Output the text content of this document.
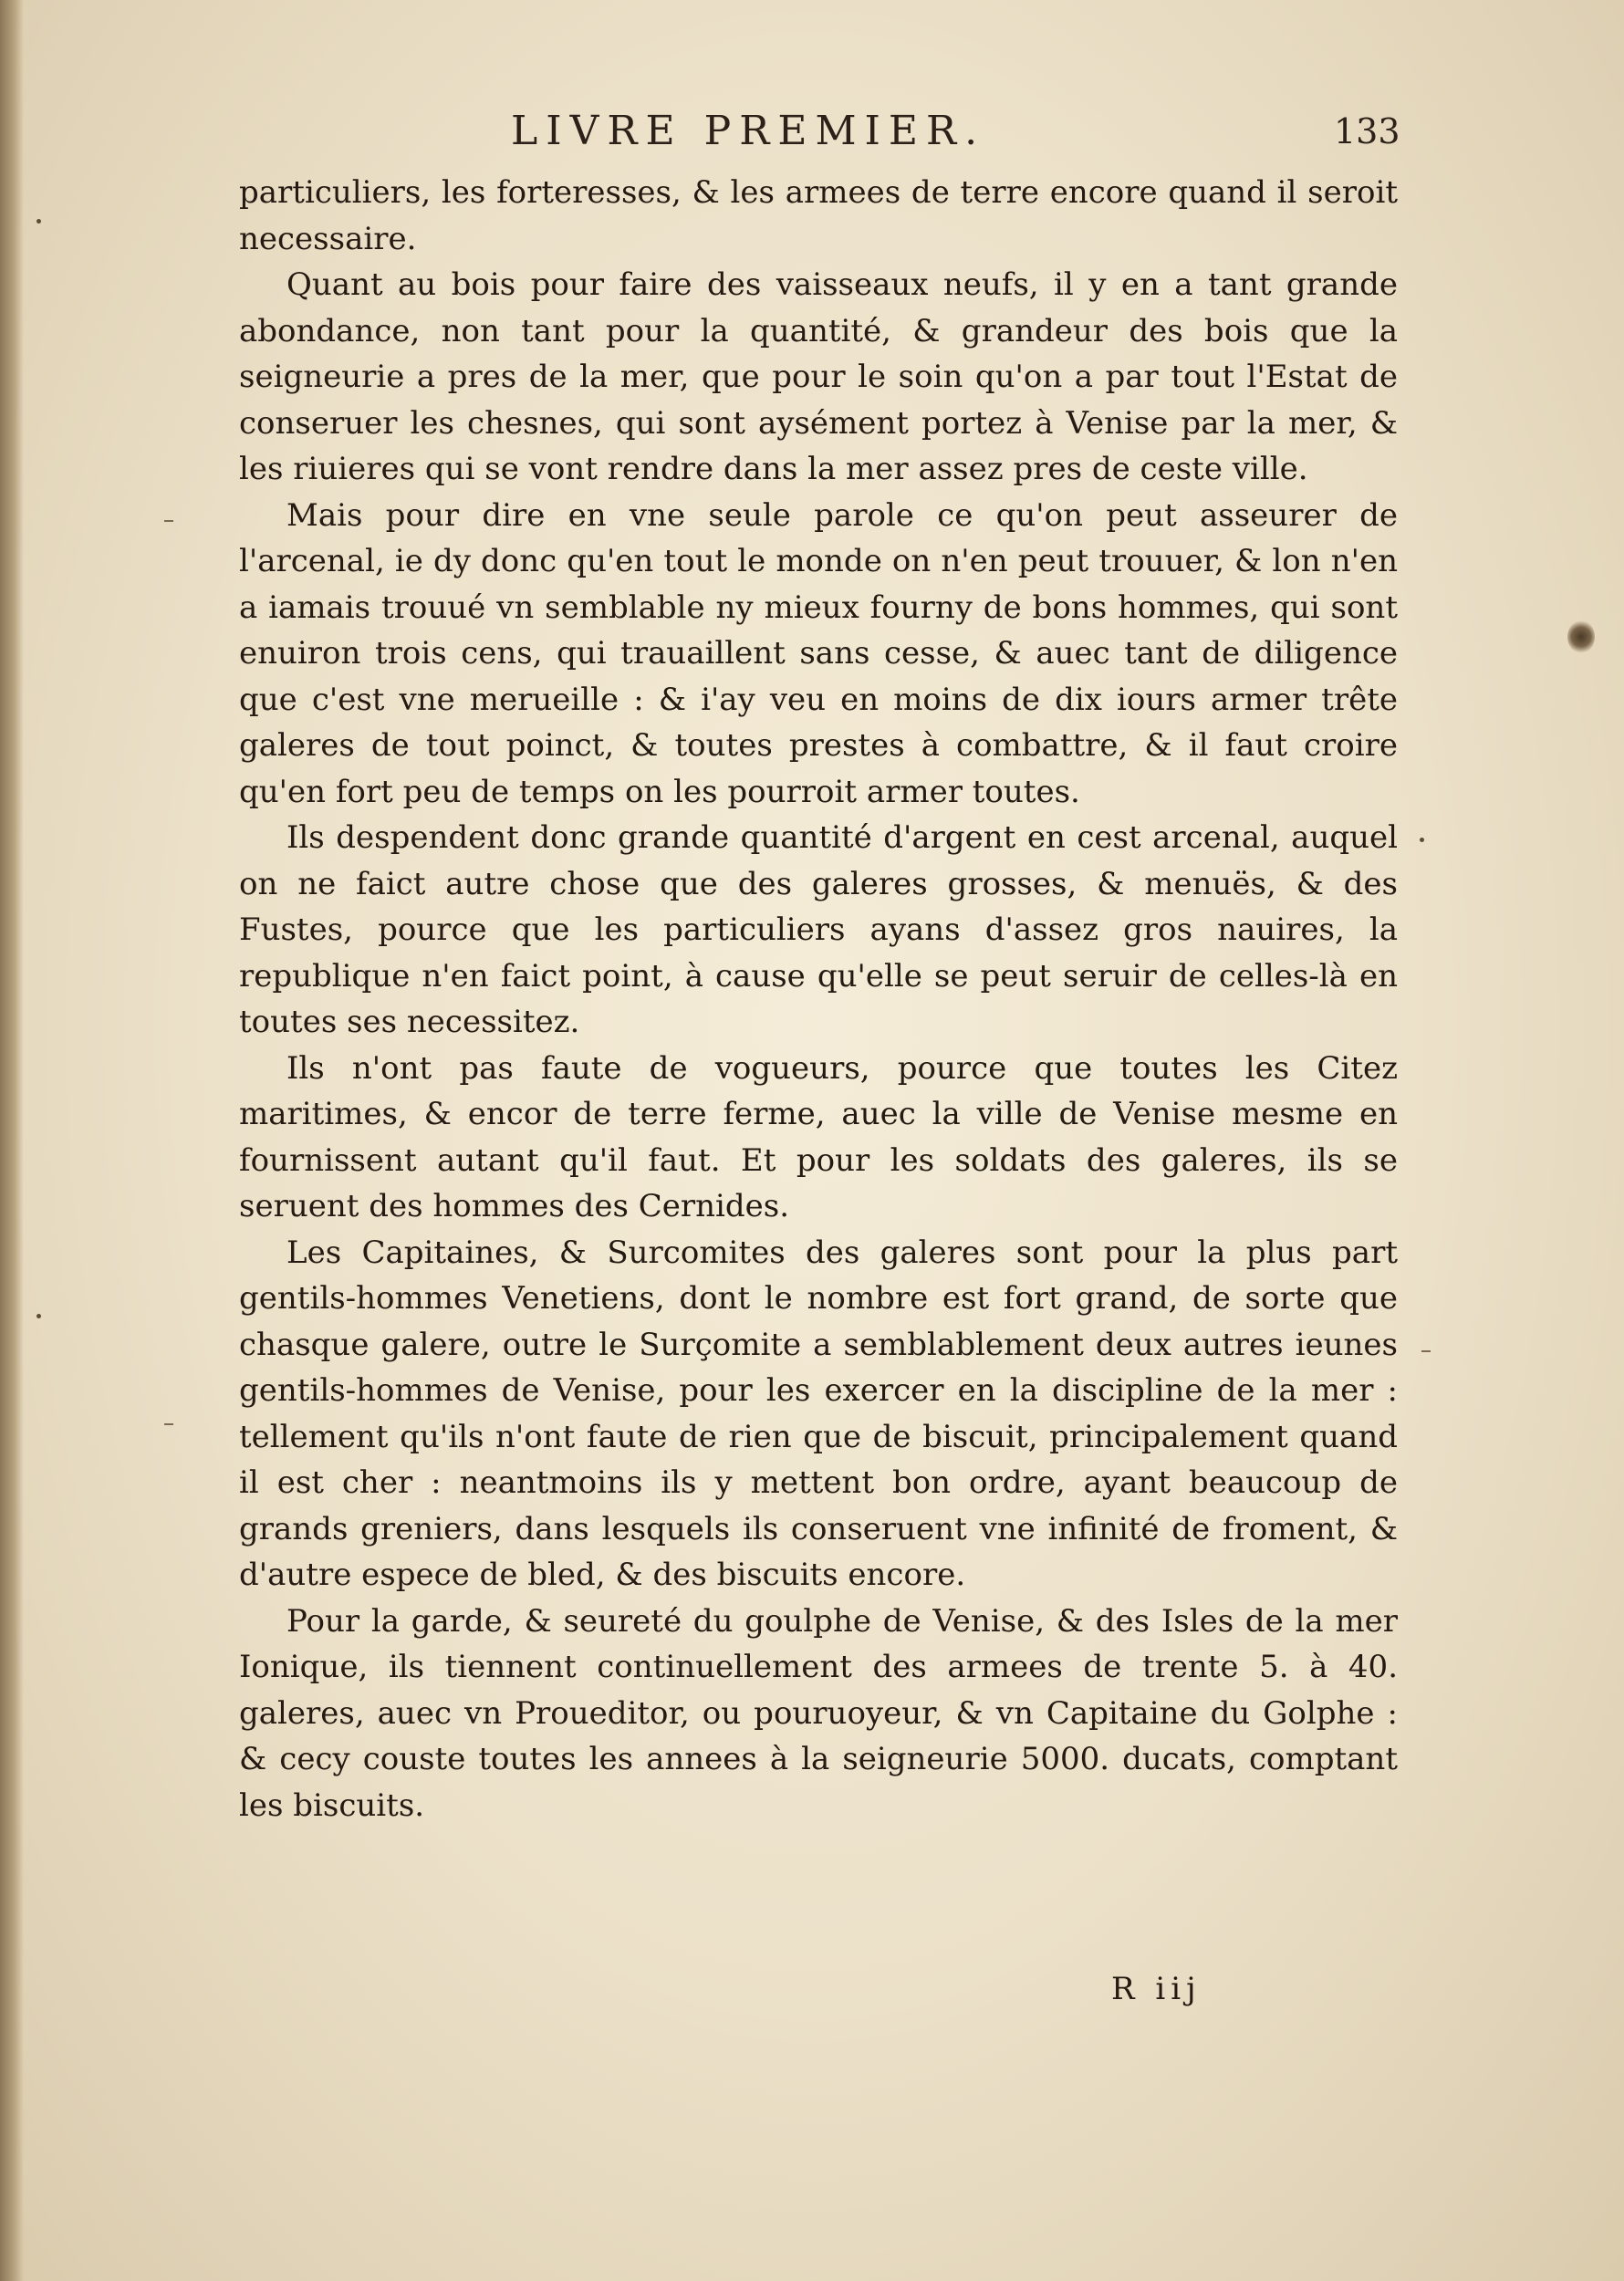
LIVRE PREMIER.	133

particuliers, les forteresses, & les armees de terre encore quand il seroit necessaire.

Quant au bois pour faire des vaisseaux neufs, il y en a tant grande abondance, non tant pour la quantité, & grandeur des bois que la seigneurie a pres de la mer, que pour le soin qu'on a par tout l'Estat de conseruer les chesnes, qui sont aysément portez à Venise par la mer, & les riuieres qui se vont rendre dans la mer assez pres de ceste ville.

Mais pour dire en vne seule parole ce qu'on peut asseurer de l'arcenal, ie dy donc qu'en tout le monde on n'en peut trouuer, & lon n'en a iamais trouué vn semblable ny mieux fourny de bons hommes, qui sont enuiron trois cens, qui trauaillent sans cesse, & auec tant de diligence que c'est vne merueille : & i'ay veu en moins de dix iours armer trête galeres de tout poinct, & toutes prestes à combattre, & il faut croire qu'en fort peu de temps on les pourroit armer toutes.

Ils despendent donc grande quantité d'argent en cest arcenal, auquel on ne faict autre chose que des galeres grosses, & menuës, & des Fustes, pource que les particuliers ayans d'assez gros nauires, la republique n'en faict point, à cause qu'elle se peut seruir de celles-là en toutes ses necessitez.

Ils n'ont pas faute de vogueurs, pource que toutes les Citez maritimes, & encor de terre ferme, auec la ville de Venise mesme en fournissent autant qu'il faut. Et pour les soldats des galeres, ils se seruent des hommes des Cernides.

Les Capitaines, & Surcomites des galeres sont pour la plus part gentils-hommes Venetiens, dont le nombre est fort grand, de sorte que chasque galere, outre le Surçomite a semblablement deux autres ieunes gentils-hommes de Venise, pour les exercer en la discipline de la mer : tellement qu'ils n'ont faute de rien que de biscuit, principalement quand il est cher : neantmoins ils y mettent bon ordre, ayant beaucoup de grands greniers, dans lesquels ils conseruent vne infinité de froment, & d'autre espece de bled, & des biscuits encore.

Pour la garde, & seureté du goulphe de Venise, & des Isles de la mer Ionique, ils tiennent continuellement des armees de trente 5. à 40. galeres, auec vn Proueditor, ou pouruoyeur, & vn Capitaine du Golphe : & cecy couste toutes les annees à la seigneurie 5000. ducats, comptant les biscuits.

R iij
